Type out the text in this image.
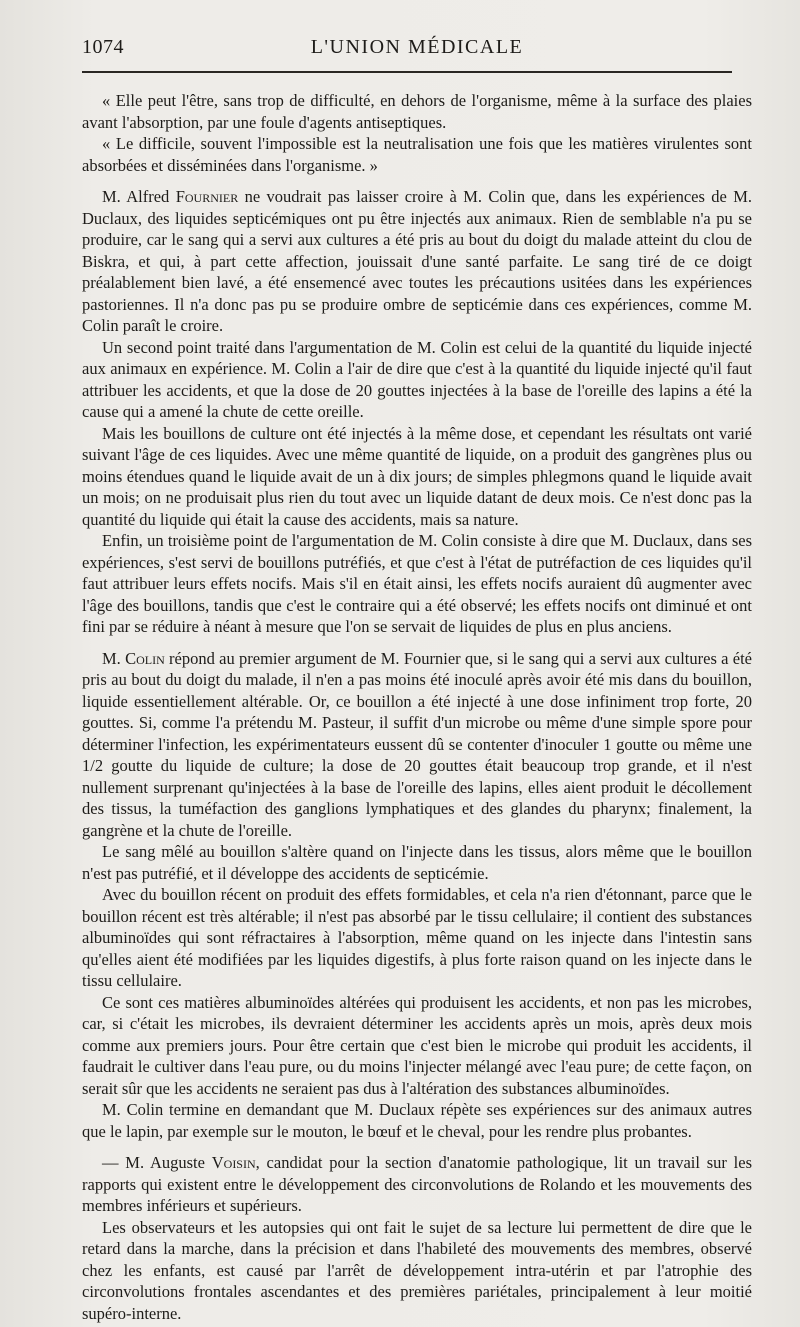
1074	L'UNION MÉDICALE

« Elle peut l'être, sans trop de difficulté, en dehors de l'organisme, même à la surface des plaies avant l'absorption, par une foule d'agents antiseptiques.

« Le difficile, souvent l'impossible est la neutralisation une fois que les matières virulentes sont absorbées et disséminées dans l'organisme. »

M. Alfred Fournier ne voudrait pas laisser croire à M. Colin que, dans les expériences de M. Duclaux, des liquides septicémiques ont pu être injectés aux animaux. Rien de semblable n'a pu se produire, car le sang qui a servi aux cultures a été pris au bout du doigt du malade atteint du clou de Biskra, et qui, à part cette affection, jouissait d'une santé parfaite. Le sang tiré de ce doigt préalablement bien lavé, a été ensemencé avec toutes les précautions usitées dans les expériences pastoriennes. Il n'a donc pas pu se produire ombre de septicémie dans ces expériences, comme M. Colin paraît le croire.

Un second point traité dans l'argumentation de M. Colin est celui de la quantité du liquide injecté aux animaux en expérience. M. Colin a l'air de dire que c'est à la quantité du liquide injecté qu'il faut attribuer les accidents, et que la dose de 20 gouttes injectées à la base de l'oreille des lapins a été la cause qui a amené la chute de cette oreille.

Mais les bouillons de culture ont été injectés à la même dose, et cependant les résultats ont varié suivant l'âge de ces liquides. Avec une même quantité de liquide, on a produit des gangrènes plus ou moins étendues quand le liquide avait de un à dix jours; de simples phlegmons quand le liquide avait un mois; on ne produisait plus rien du tout avec un liquide datant de deux mois. Ce n'est donc pas la quantité du liquide qui était la cause des accidents, mais sa nature.

Enfin, un troisième point de l'argumentation de M. Colin consiste à dire que M. Duclaux, dans ses expériences, s'est servi de bouillons putréfiés, et que c'est à l'état de putréfaction de ces liquides qu'il faut attribuer leurs effets nocifs. Mais s'il en était ainsi, les effets nocifs auraient dû augmenter avec l'âge des bouillons, tandis que c'est le contraire qui a été observé; les effets nocifs ont diminué et ont fini par se réduire à néant à mesure que l'on se servait de liquides de plus en plus anciens.

M. Colin répond au premier argument de M. Fournier que, si le sang qui a servi aux cultures a été pris au bout du doigt du malade, il n'en a pas moins été inoculé après avoir été mis dans du bouillon, liquide essentiellement altérable. Or, ce bouillon a été injecté à une dose infiniment trop forte, 20 gouttes. Si, comme l'a prétendu M. Pasteur, il suffit d'un microbe ou même d'une simple spore pour déterminer l'infection, les expérimentateurs eussent dû se contenter d'inoculer 1 goutte ou même une 1/2 goutte du liquide de culture; la dose de 20 gouttes était beaucoup trop grande, et il n'est nullement surprenant qu'injectées à la base de l'oreille des lapins, elles aient produit le décollement des tissus, la tuméfaction des ganglions lymphatiques et des glandes du pharynx; finalement, la gangrène et la chute de l'oreille.

Le sang mêlé au bouillon s'altère quand on l'injecte dans les tissus, alors même que le bouillon n'est pas putréfié, et il développe des accidents de septicémie.

Avec du bouillon récent on produit des effets formidables, et cela n'a rien d'étonnant, parce que le bouillon récent est très altérable; il n'est pas absorbé par le tissu cellulaire; il contient des substances albuminoïdes qui sont réfractaires à l'absorption, même quand on les injecte dans l'intestin sans qu'elles aient été modifiées par les liquides digestifs, à plus forte raison quand on les injecte dans le tissu cellulaire.

Ce sont ces matières albuminoïdes altérées qui produisent les accidents, et non pas les microbes, car, si c'était les microbes, ils devraient déterminer les accidents après un mois, après deux mois comme aux premiers jours. Pour être certain que c'est bien le microbe qui produit les accidents, il faudrait le cultiver dans l'eau pure, ou du moins l'injecter mélangé avec l'eau pure; de cette façon, on serait sûr que les accidents ne seraient pas dus à l'altération des substances albuminoïdes.

M. Colin termine en demandant que M. Duclaux répète ses expériences sur des animaux autres que le lapin, par exemple sur le mouton, le bœuf et le cheval, pour les rendre plus probantes.

— M. Auguste Voisin, candidat pour la section d'anatomie pathologique, lit un travail sur les rapports qui existent entre le développement des circonvolutions de Rolando et les mouvements des membres inférieurs et supérieurs.

Les observateurs et les autopsies qui ont fait le sujet de sa lecture lui permettent de dire que le retard dans la marche, dans la précision et dans l'habileté des mouvements des membres, observé chez les enfants, est causé par l'arrêt de développement intra-utérin et par l'atrophie des circonvolutions frontales ascendantes et des premières pariétales, principalement à leur moitié supéro-interne.
